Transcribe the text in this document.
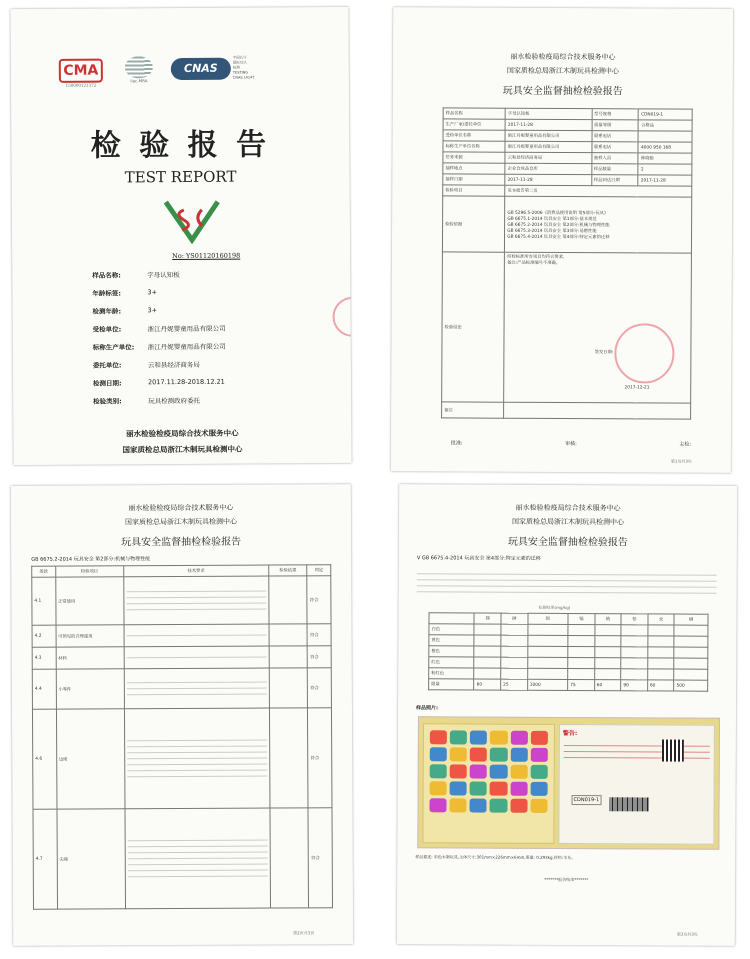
CMA
150000121372
ilac-MRA
CNAS
中国认可
国际互认
检测
TESTING
CNAS L4147
检 验 报 告
TEST REPORT
No: YS01120160198
样品名称:	字母认知板
年龄标签:	3+
检测年龄:	3+
受检单位:	浙江丹妮婴童用品有限公司
标称生产单位:	浙江丹妮婴童用品有限公司
委托单位:	云和县经济商务局
检测日期:	2017.11.28-2018.12.21
检验类别:	玩具检测政府委托
丽水检验检疫局综合技术服务中心
国家质检总局浙江木制玩具检测中心
丽水检验检疫局综合技术服务中心
国家质检总局浙江木制玩具检测中心
玩具安全监督抽检检验报告
样品名称	字母认知板	型号规格	CDN019-1
生产厂家/委托单位	2017-11-28	质量等级	合格品
受检单位名称	浙江丹妮婴童用品有限公司	联系电话	
标称生产单位名称	浙江丹妮婴童用品有限公司	联系电话	4000 950 168
任务来源	云和县经济商务局	抽样人员	林晓艳
抽样地点	企业仓成品仓库	样品数量	2
抽样日期	2017-11-28	样品到达日期	2017-11-28
检验项目	见本报告第二页		
检验依据	GB 5296.5-2006《消费品使用说明 第5部分:玩具》
GB 6675.1-2014 玩具安全 第1部分:基本规范
GB 6675.2-2014 玩具安全 第2部分:机械与物理性能
GB 6675.3-2014 玩具安全 第3部分:易燃性能
GB 6675.4-2014 玩具安全 第4部分:特定元素的迁移		

检验结论	所检标准所有项目均符合要求,
备注:产品标准编号不准确。
签发日期:
2017-12-21		

备注			
批准:	审核:	主检:
第1页共3页
丽水检验检疫局综合技术服务中心
国家质检总局浙江木制玩具检测中心
玩具安全监督抽检检验报告
GB 6675.2-2014 玩具安全 第2部分:机械与物理性能
条款	检验项目	技术要求	检验结果	判定
4.1	正常使用			符合
4.2	可预见的合理滥用			符合
4.3	材料			符合
4.4	小零件			符合
4.6	边缘			符合
4.7	尖端			符合
第2页共3页
丽水检验检疫局综合技术服务中心
国家质检总局浙江木制玩具检测中心
玩具安全监督抽检检验报告
V GB 6675.4-2014 玩具安全 第4部分:特定元素的迁移
检测结果(mg/kg)
	锑	砷	钡	镉	铬	铅	汞	硒
白色								
黄色								
橙色								
红色								
粉红色								
限量	60	25	1000	75	60	90	60	500
样品照片:
警告:
CDN019-1
样品描述: 彩色木制玩具,主体尺寸:301mm×226mm×6mm,重量: 0.293kg,材料:木头。
*******报告结束*******
第3页共3页
